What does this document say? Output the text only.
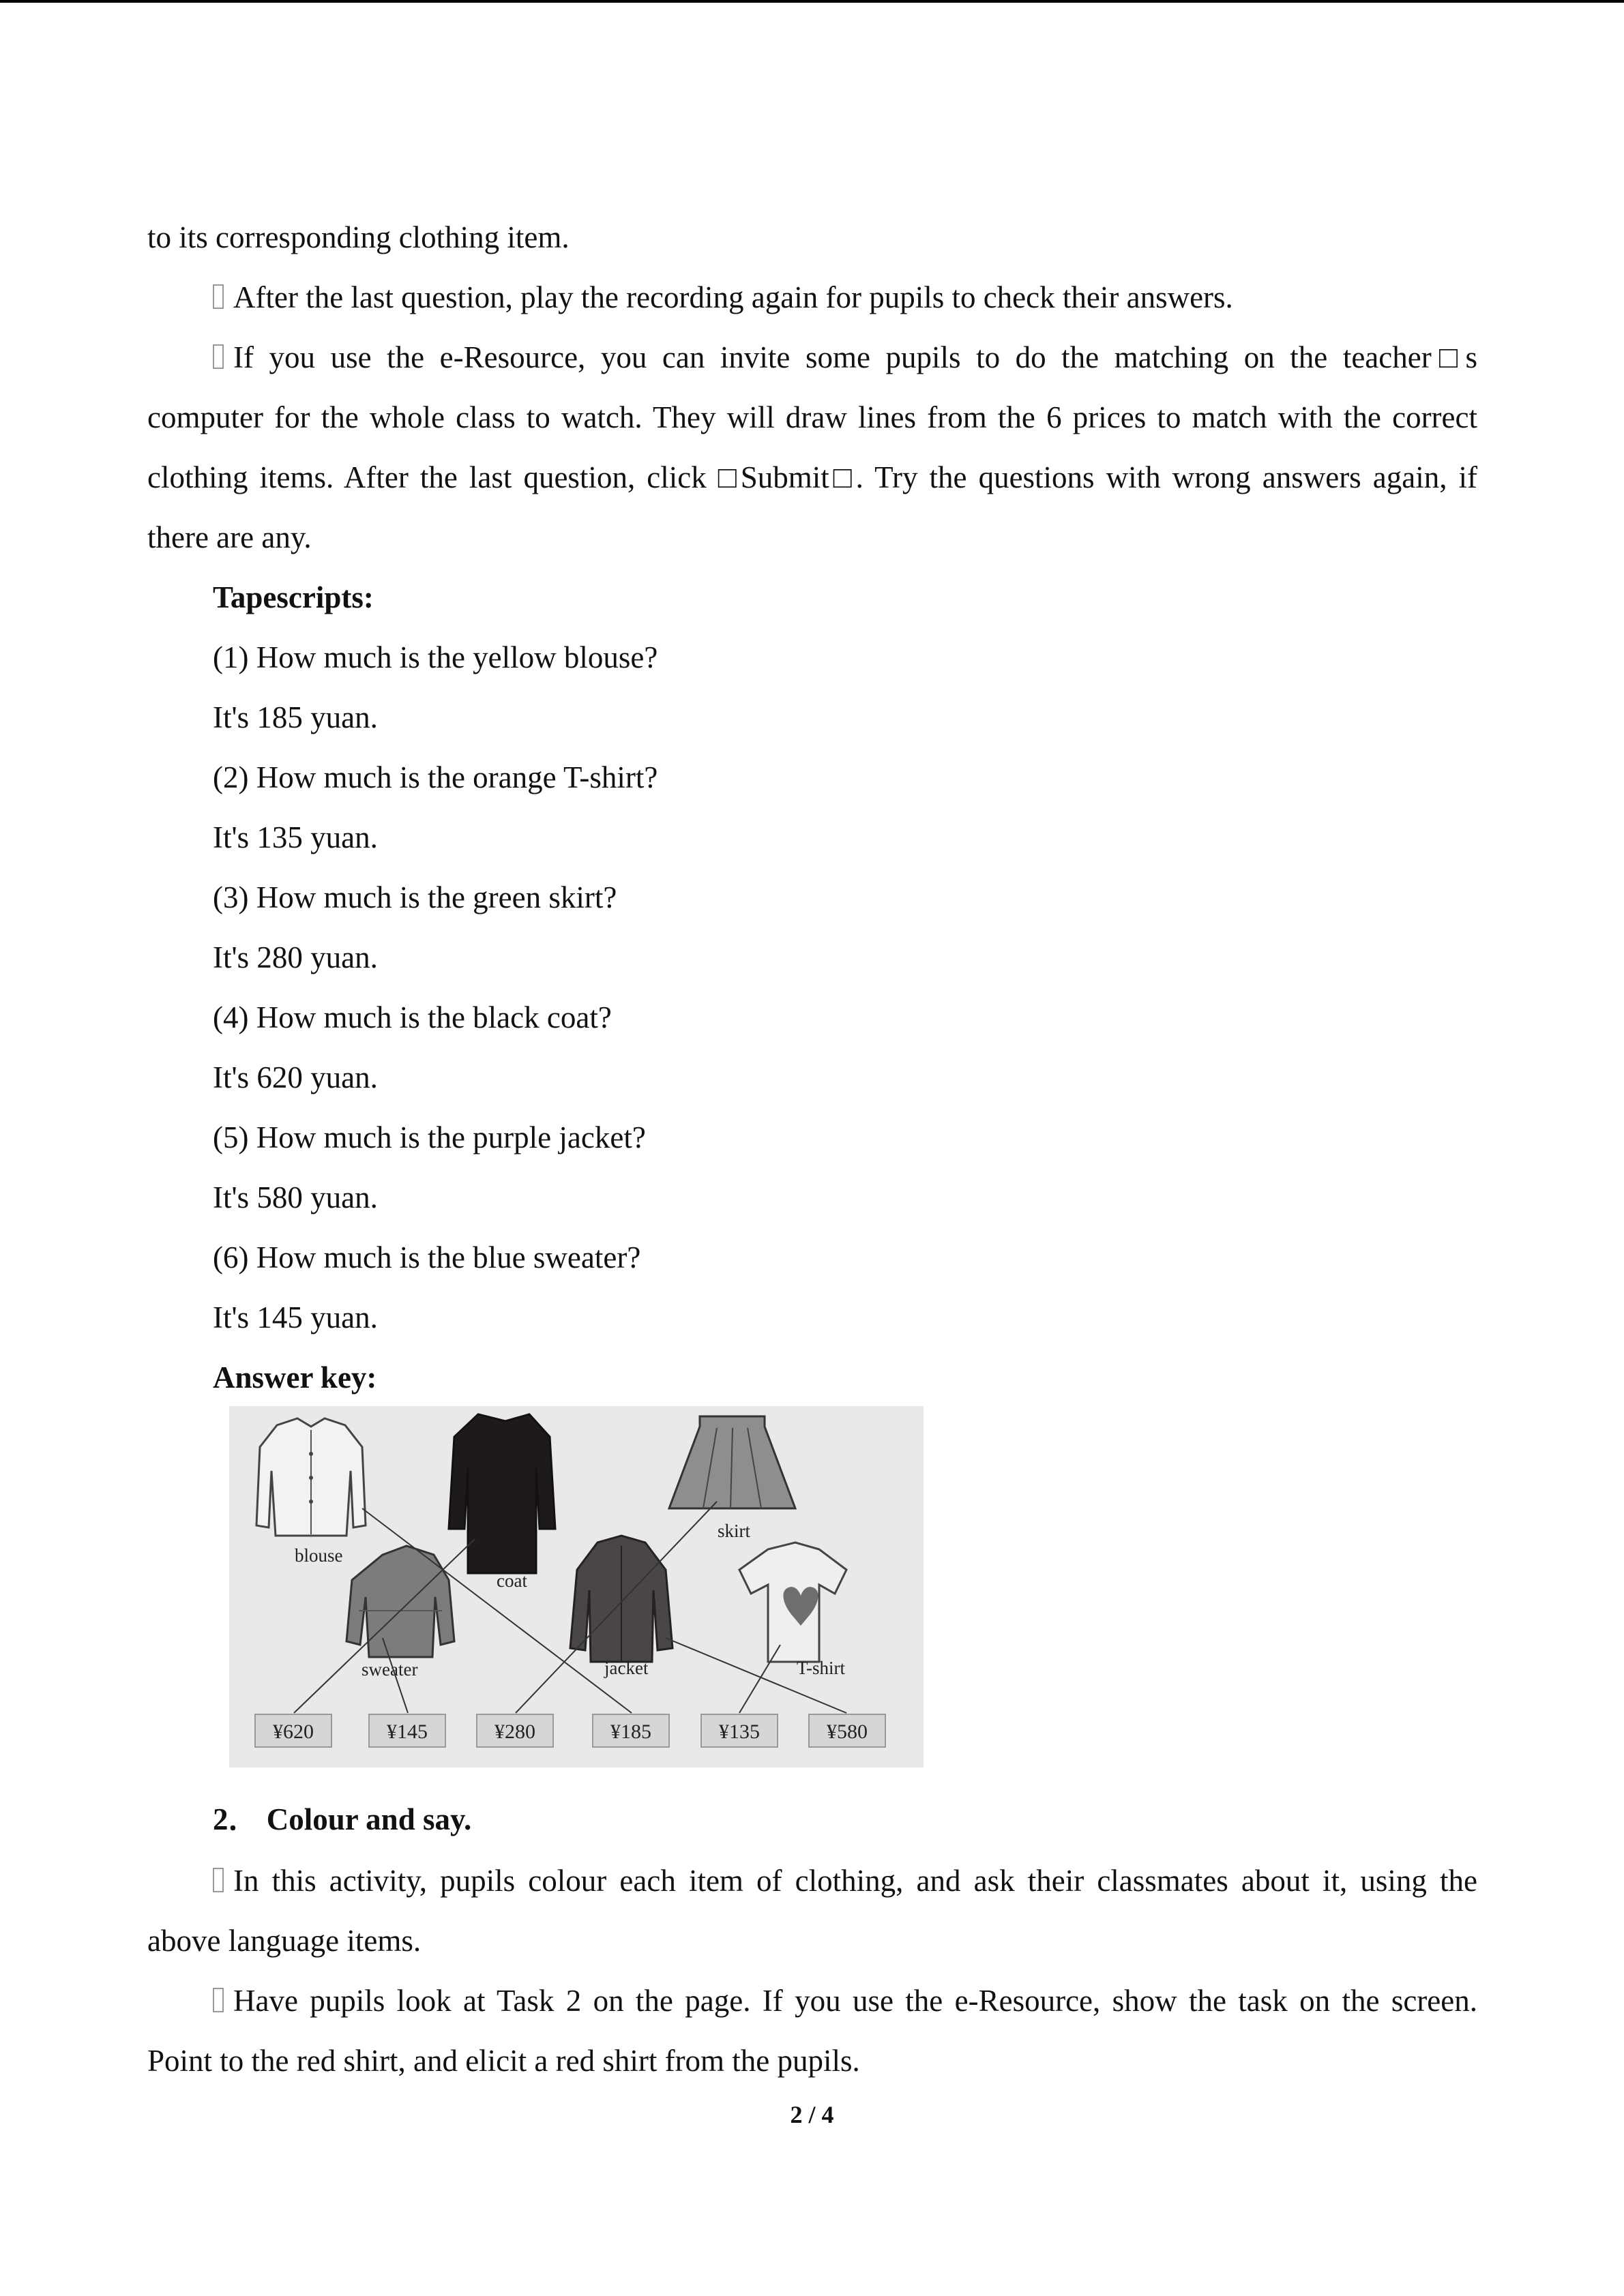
to its corresponding clothing item.
After the last question, play the recording again for pupils to check their answers.
If you use the e-Resource, you can invite some pupils to do the matching on the teacher□s
computer for the whole class to watch. They will draw lines from the 6 prices to match with the correct
clothing items. After the last question, click □Submit□. Try the questions with wrong answers again, if
there are any.
Tapescripts:
(1) How much is the yellow blouse?
It's 185 yuan.
(2) How much is the orange T-shirt?
It's 135 yuan.
(3) How much is the green skirt?
It's 280 yuan.
(4) How much is the black coat?
It's 620 yuan.
(5) How much is the purple jacket?
It's 580 yuan.
(6) How much is the blue sweater?
It's 145 yuan.
Answer key:
blouse
coat
skirt
sweater	jacket	T-shirt
¥620	¥145	¥280	¥185	¥135	¥580
2． Colour and say.
In this activity, pupils colour each item of clothing, and ask their classmates about it, using the
above language items.
Have pupils look at Task 2 on the page. If you use the e-Resource, show the task on the screen.
Point to the red shirt, and elicit a red shirt from the pupils.
2 / 4
